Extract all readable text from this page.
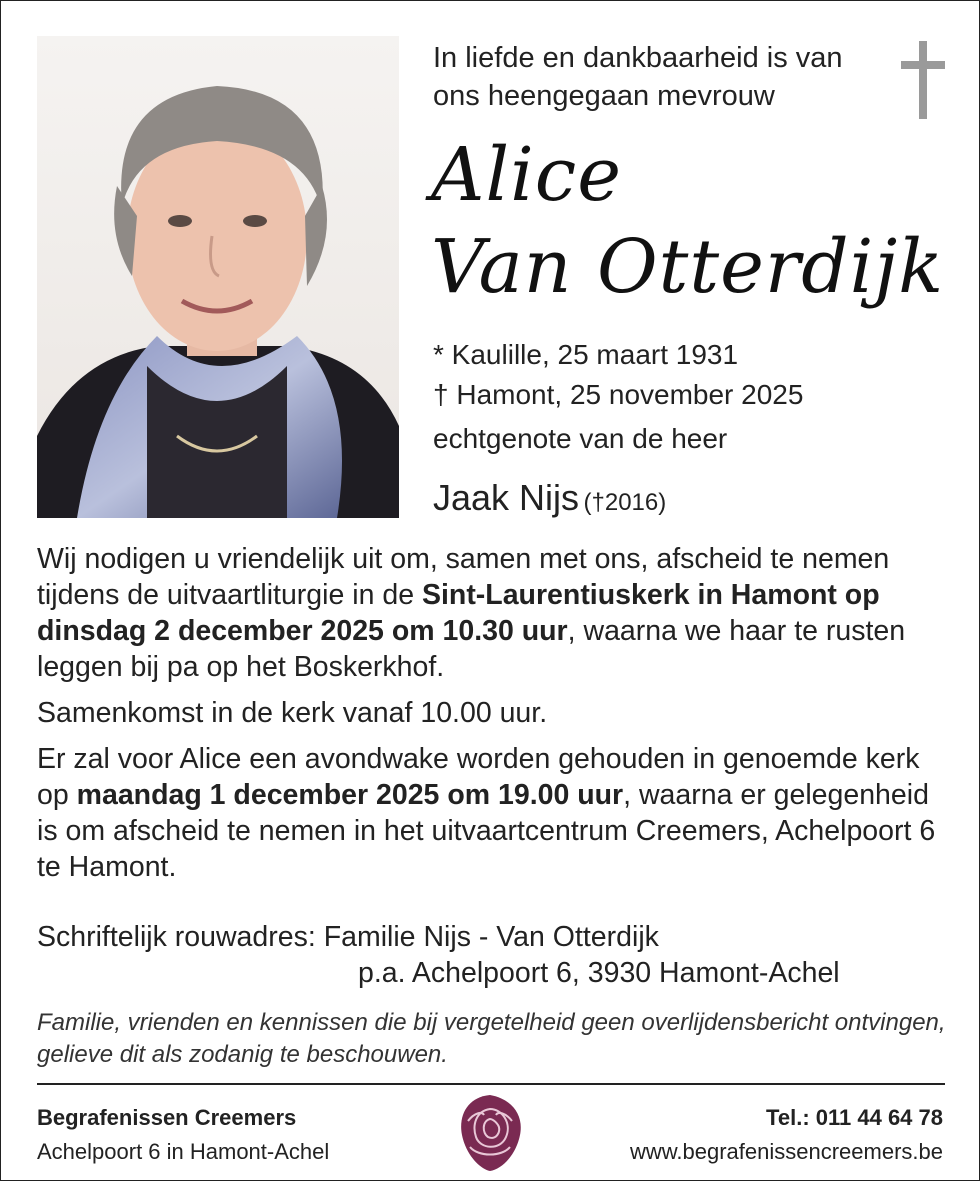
In liefde en dankbaarheid is van
ons heengegaan mevrouw
Alice
Van Otterdijk
* Kaulille, 25 maart 1931
† Hamont, 25 november 2025
echtgenote van de heer
Jaak Nijs (†2016)

Wij nodigen u vriendelijk uit om, samen met ons, afscheid te nemen tijdens de uitvaartliturgie in de Sint-Laurentiuskerk in Hamont op dinsdag 2 december 2025 om 10.30 uur, waarna we haar te rusten leggen bij pa op het Boskerkhof.

Samenkomst in de kerk vanaf 10.00 uur.

Er zal voor Alice een avondwake worden gehouden in genoemde kerk op maandag 1 december 2025 om 19.00 uur, waarna er gelegenheid is om afscheid te nemen in het uitvaartcentrum Creemers, Achelpoort 6 te Hamont.

Schriftelijk rouwadres: Familie Nijs - Van Otterdijk
p.a. Achelpoort 6, 3930 Hamont-Achel
Familie, vrienden en kennissen die bij vergetelheid geen overlijdensbericht ontvingen, gelieve dit als zodanig te beschouwen.
Begrafenissen Creemers
Achelpoort 6 in Hamont-Achel
Tel.: 011 44 64 78
www.begrafenissencreemers.be
